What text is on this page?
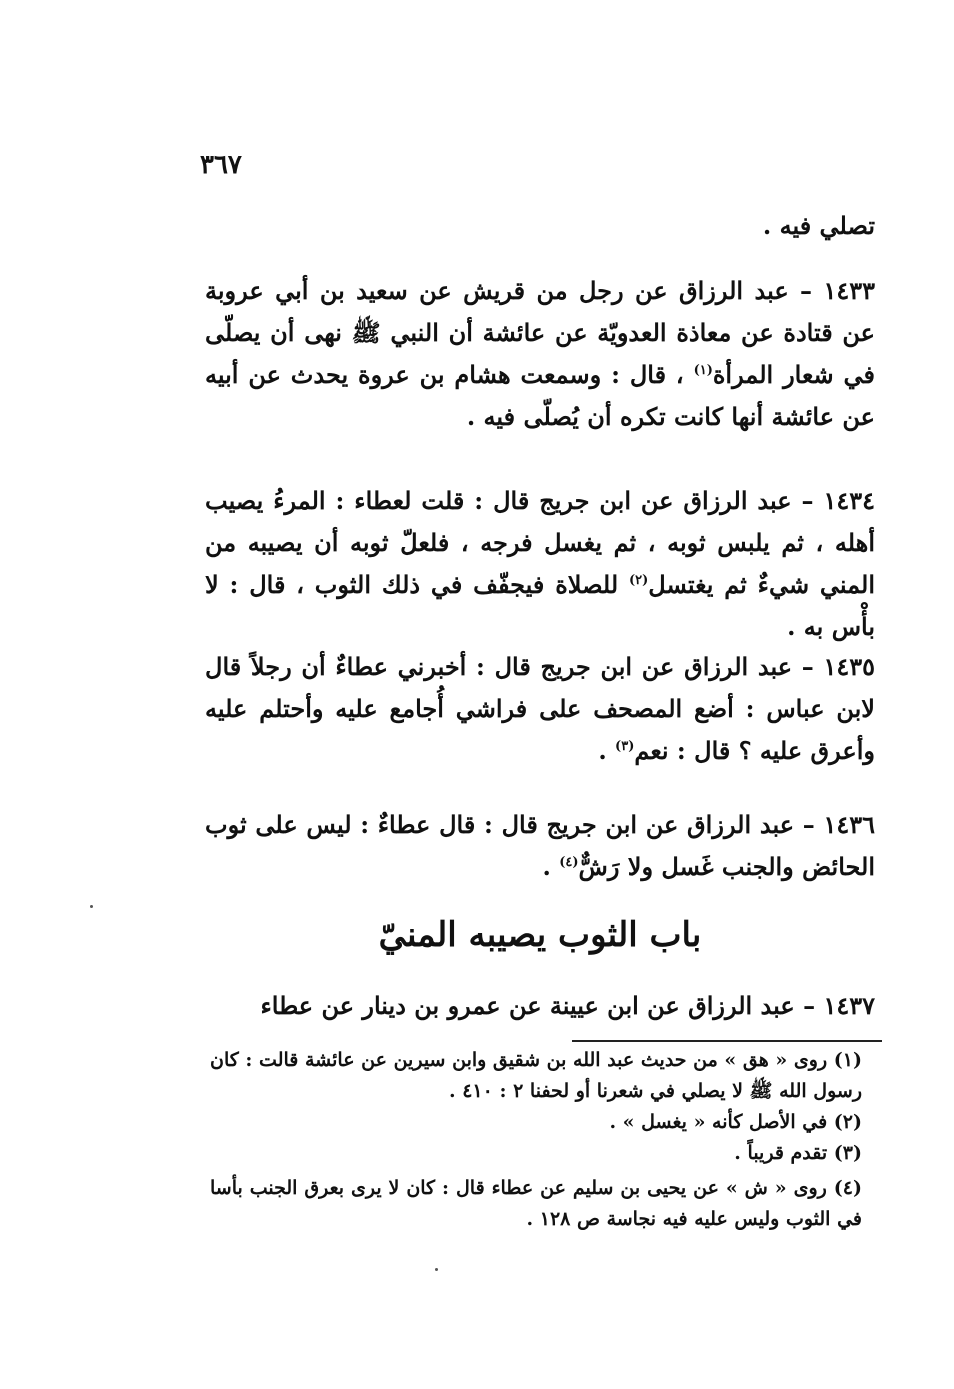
٣٦٧

تصلي فيه .

١٤٣٣ – عبد الرزاق عن رجل من قريش عن سعيد بن أبي عروبة عن قتادة عن معاذة العدويّة عن عائشة أن النبي ﷺ نهى أن يصلّى في شعار المرأة$^{(١)}$ ، قال : وسمعت هشام بن عروة يحدث عن أبيه عن عائشة أنها كانت تكره أن يُصلّى فيه .

١٤٣٤ – عبد الرزاق عن ابن جريج قال : قلت لعطاء : المرءُ يصيب أهله ، ثم يلبس ثوبه ، ثم يغسل فرجه ، فلعلّ ثوبه أن يصيبه من المني شيءٌ ثم يغتسل$^{(٢)}$ للصلاة فيجفّف في ذلك الثوب ، قال : لا بأْس به .

١٤٣٥ – عبد الرزاق عن ابن جريج قال : أخبرني عطاءٌ أن رجلاً قال لابن عباس : أضع المصحف على فراشي أُجامع عليه وأحتلم عليه وأعرق عليه ؟ قال : نعم$^{(٣)}$ .

١٤٣٦ – عبد الرزاق عن ابن جريج قال : قال عطاءٌ : ليس على ثوب الحائض والجنب غَسل ولا رَشٌّ$^{(٤)}$ .

باب الثوب يصيبه المنيّ

١٤٣٧ – عبد الرزاق عن ابن عيينة عن عمرو بن دينار عن عطاء

(١) روى « هق » من حديث عبد الله بن شقيق وابن سيرين عن عائشة قالت : كان رسول الله ﷺ لا يصلي في شعرنا أو لحفنا ٢ : ٤١٠ .

(٢) في الأصل كأنه « يغسل » .

(٣) تقدم قريباً .

(٤) روى « ش » عن يحيى بن سليم عن عطاء قال : كان لا يرى بعرق الجنب بأسا في الثوب وليس عليه فيه نجاسة ص ١٢٨ .
